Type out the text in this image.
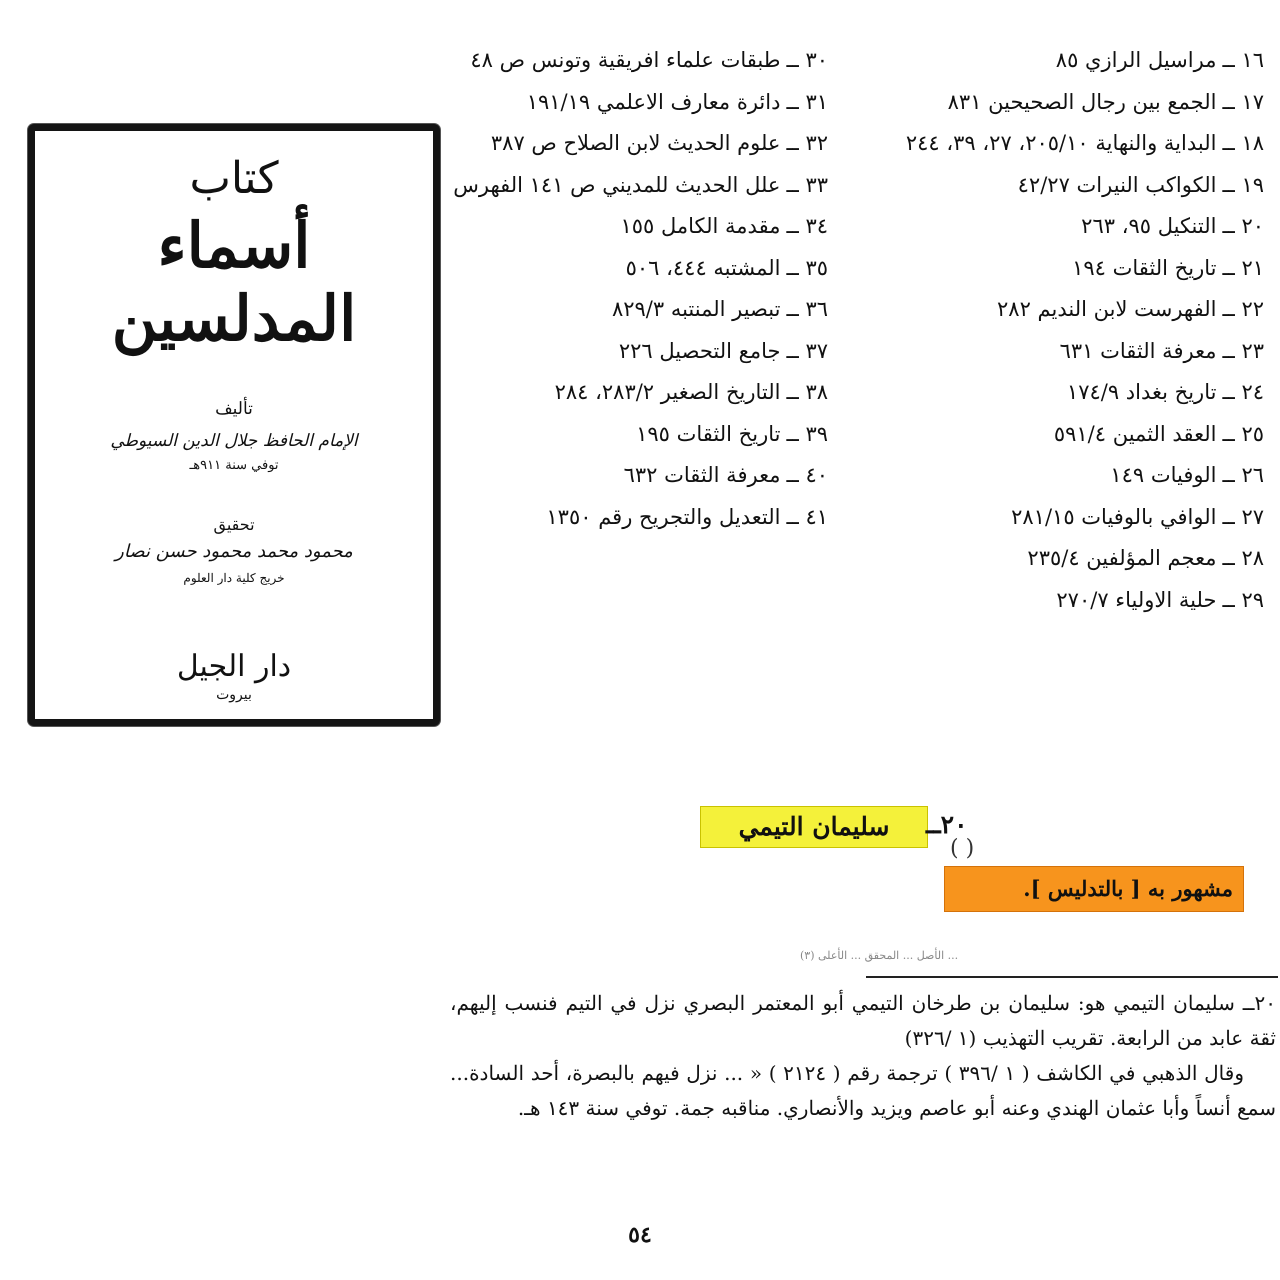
كتاب
أسماء المدلسين
تأليف
الإمام الحافظ جلال الدين السيوطي
توفي سنة ٩١١هـ
تحقيق
محمود محمد محمود حسن نصار
خريج كلية دار العلوم
دار الجيل
بيروت
١٦ ــ
مراسيل الرازي ٨٥
١٧ ــ
الجمع بين رجال الصحيحين ٨٣١
١٨ ــ
البداية والنهاية ٢٠٥/١٠، ٢٧، ٣٩، ٢٤٤
١٩ ــ
الكواكب النيرات ٤٢/٢٧
٢٠ ــ
التنكيل ٩٥، ٢٦٣
٢١ ــ
تاريخ الثقات ١٩٤
٢٢ ــ
الفهرست لابن النديم ٢٨٢
٢٣ ــ
معرفة الثقات ٦٣١
٢٤ ــ
تاريخ بغداد ١٧٤/٩
٢٥ ــ
العقد الثمين ٥٩١/٤
٢٦ ــ
الوفيات ١٤٩
٢٧ ــ
الوافي بالوفيات ٢٨١/١٥
٢٨ ــ
معجم المؤلفين ٢٣٥/٤
٢٩ ــ
حلية الاولياء ٢٧٠/٧
٣٠ ــ
طبقات علماء افريقية وتونس ص ٤٨
٣١ ــ
دائرة معارف الاعلمي ١٩١/١٩
٣٢ ــ
علوم الحديث لابن الصلاح ص ٣٨٧
٣٣ ــ
علل الحديث للمديني ص ١٤١ الفهرس
٣٤ ــ
مقدمة الكامل ١٥٥
٣٥ ــ
المشتبه ٤٤٤، ٥٠٦
٣٦ ــ
تبصير المنتبه ٨٢٩/٣
٣٧ ــ
جامع التحصيل ٢٢٦
٣٨ ــ
التاريخ الصغير ٢٨٣/٢، ٢٨٤
٣٩ ــ
تاريخ الثقات ١٩٥
٤٠ ــ
معرفة الثقات ٦٣٢
٤١ ــ
التعديل والتجريح رقم ١٣٥٠
سليمان التيمي	٢٠ــ
( )
مشهور به [ بالتدليس ].
(٣) الأصل ... المحقق ... الأعلى ...

٢٠ــ سليمان التيمي هو: سليمان بن طرخان التيمي أبو المعتمر البصري نزل في التيم فنسب إليهم، ثقة عابد من الرابعة. تقريب التهذيب (١ /٣٢٦)

وقال الذهبي في الكاشف ( ١ /٣٩٦ ) ترجمة رقم ( ٢١٢٤ ) « ... نزل فيهم بالبصرة، أحد السادة... سمع أنساً وأبا عثمان الهندي وعنه أبو عاصم ويزيد والأنصاري. مناقبه جمة. توفي سنة ١٤٣ هـ.

٥٤
